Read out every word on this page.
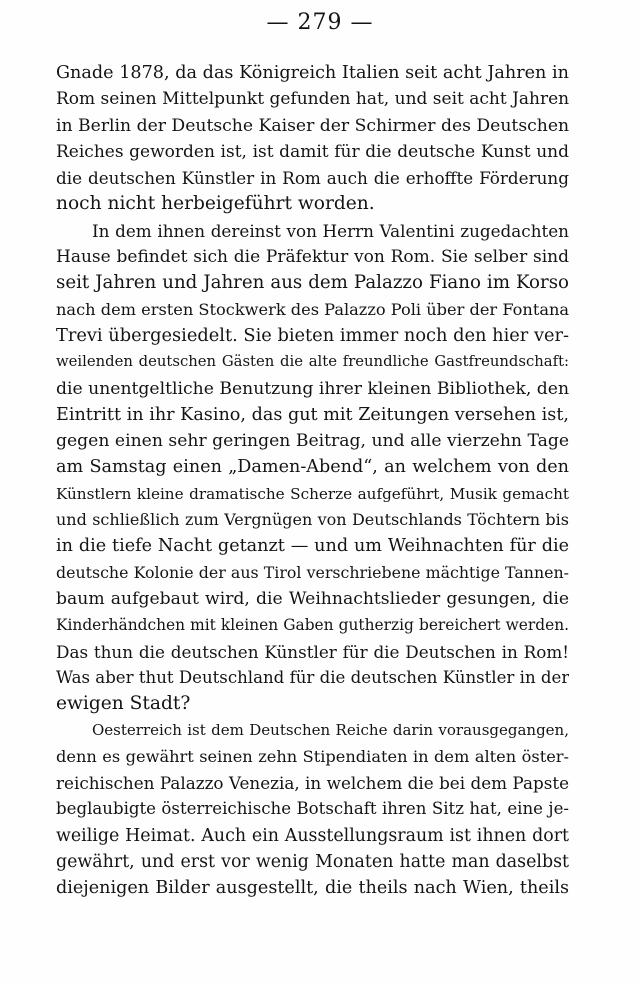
— 279 —
Gnade 1878, da das Königreich Italien seit acht Jahren in
Rom seinen Mittelpunkt gefunden hat, und seit acht Jahren
in Berlin der Deutsche Kaiser der Schirmer des Deutschen
Reiches geworden ist, ist damit für die deutsche Kunst und
die deutschen Künstler in Rom auch die erhoffte Förderung
noch nicht herbeigeführt worden.
In dem ihnen dereinst von Herrn Valentini zugedachten
Hause befindet sich die Präfektur von Rom. Sie selber sind
seit Jahren und Jahren aus dem Palazzo Fiano im Korso
nach dem ersten Stockwerk des Palazzo Poli über der Fontana
Trevi übergesiedelt. Sie bieten immer noch den hier ver-
weilenden deutschen Gästen die alte freundliche Gastfreundschaft:
die unentgeltliche Benutzung ihrer kleinen Bibliothek, den
Eintritt in ihr Kasino, das gut mit Zeitungen versehen ist,
gegen einen sehr geringen Beitrag, und alle vierzehn Tage
am Samstag einen „Damen-Abend“, an welchem von den
Künstlern kleine dramatische Scherze aufgeführt, Musik gemacht
und schließlich zum Vergnügen von Deutschlands Töchtern bis
in die tiefe Nacht getanzt — und um Weihnachten für die
deutsche Kolonie der aus Tirol verschriebene mächtige Tannen-
baum aufgebaut wird, die Weihnachtslieder gesungen, die
Kinderhändchen mit kleinen Gaben gutherzig bereichert werden.
Das thun die deutschen Künstler für die Deutschen in Rom!
Was aber thut Deutschland für die deutschen Künstler in der
ewigen Stadt?
Oesterreich ist dem Deutschen Reiche darin vorausgegangen,
denn es gewährt seinen zehn Stipendiaten in dem alten öster-
reichischen Palazzo Venezia, in welchem die bei dem Papste
beglaubigte österreichische Botschaft ihren Sitz hat, eine je-
weilige Heimat. Auch ein Ausstellungsraum ist ihnen dort
gewährt, und erst vor wenig Monaten hatte man daselbst
diejenigen Bilder ausgestellt, die theils nach Wien, theils
